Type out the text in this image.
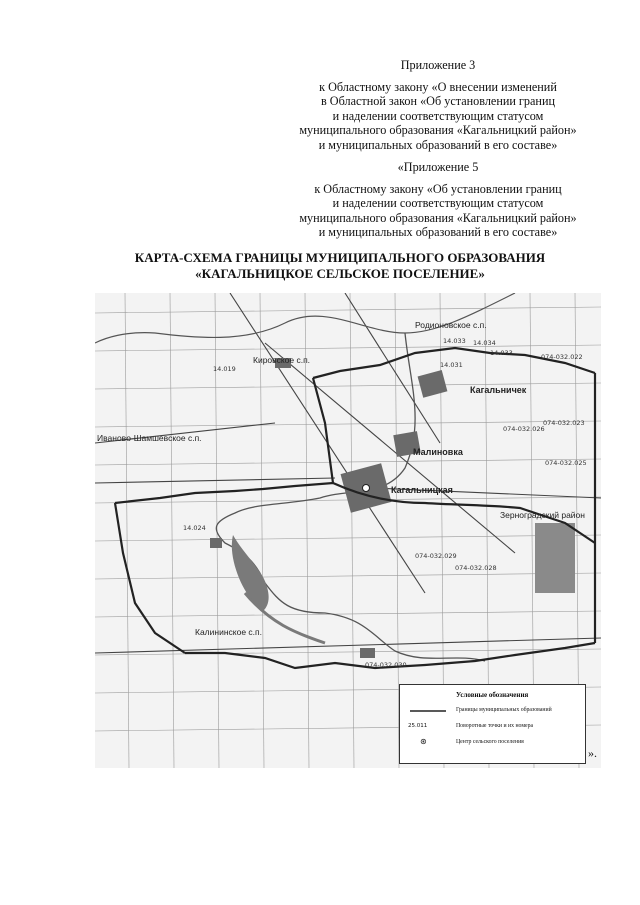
Приложение 3
к Областному закону «О внесении изменений
в Областной закон «Об установлении границ
и наделении соответствующим статусом
муниципального образования «Кагальницкий район»
и муниципальных образований в его составе»
«Приложение 5
к Областному закону «Об установлении границ
и наделении соответствующим статусом
муниципального образования «Кагальницкий район»
и муниципальных образований в его составе»
КАРТА-СХЕМА ГРАНИЦЫ МУНИЦИПАЛЬНОГО ОБРАЗОВАНИЯ
«КАГАЛЬНИЦКОЕ СЕЛЬСКОЕ ПОСЕЛЕНИЕ»
Родионовское с.п.
Кировское с.п.
Ивановo-Шамшевское с.п.
Кагальничек
Малиновка
Кагальницкая
Зерноградский район
Калининское с.п.
14.019
14.033 14.034
14.033
14.031
074-032.022
074-032.026
074-032.023
074-032.025
074-032.029
074-032.028
14.024
074-032.030
Условные обозначения
Границы муниципальных образований
25.011	Поворотные точки и их номера
⊛	Центр сельского поселения
».
